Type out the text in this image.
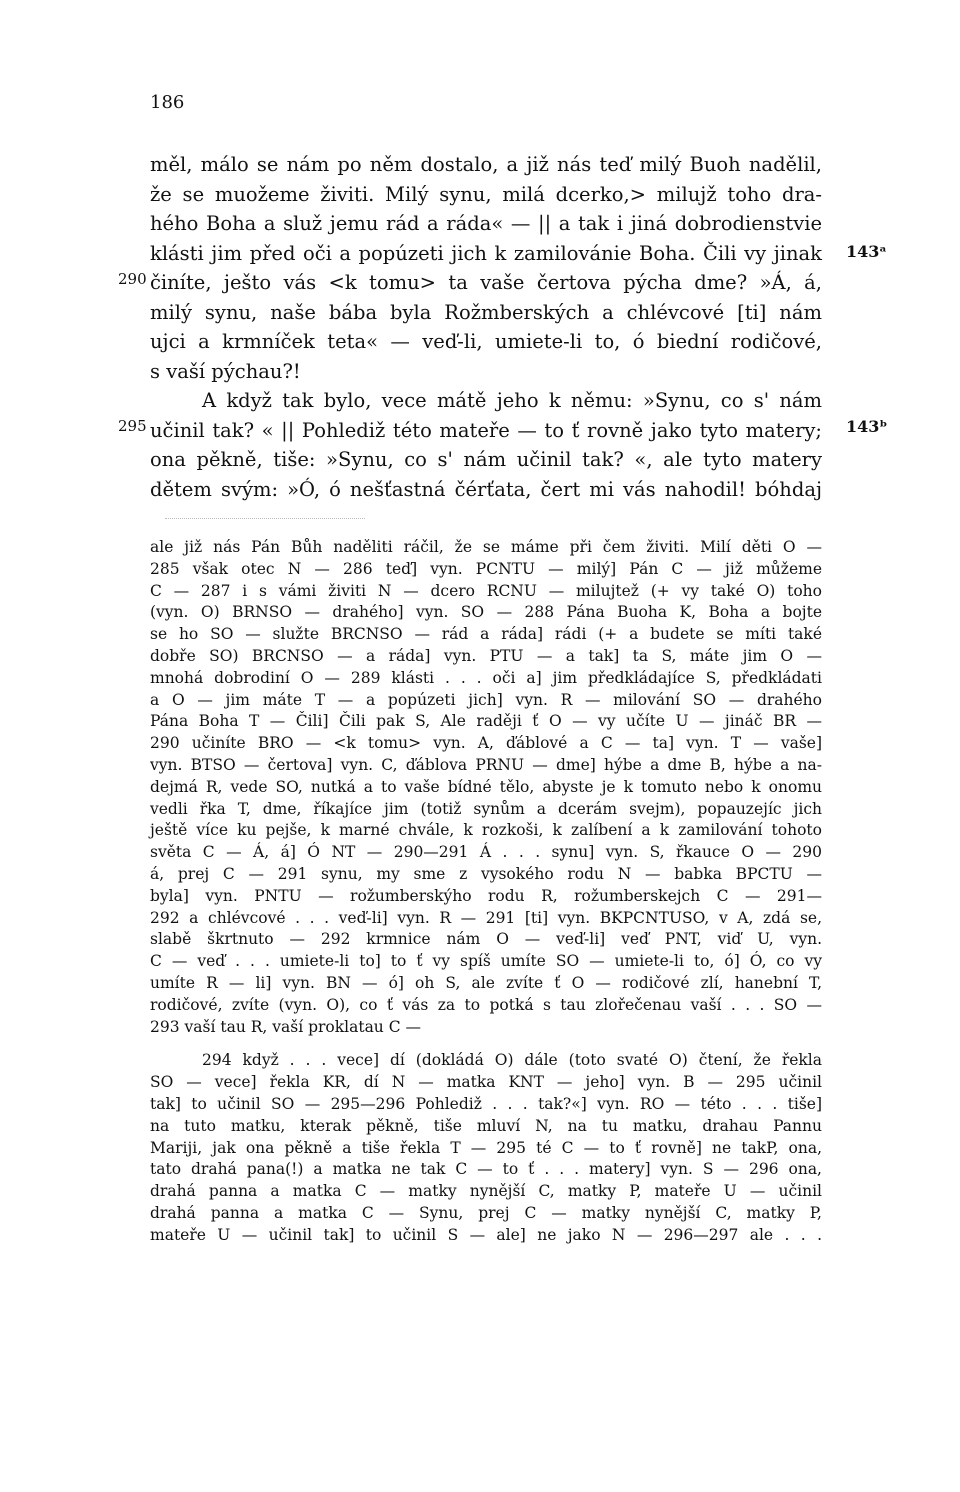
186
290
295
143ᵃ
143ᵇ
měl, málo se nám po něm dostalo, a již nás teď milý Buoh nadělil,
že se muožeme živiti. Milý synu, milá dcerko,> milujž toho dra-
hého Boha a služ jemu rád a ráda« — || a tak i jiná dobrodienstvie
klásti jim před oči a popúzeti jich k zamilovánie Boha. Čili vy jinak
činíte, ješto vás <k tomu> ta vaše čertova pýcha dme? »Á, á,
milý synu, naše bába byla Rožmberských a chlévcové [ti] nám
ujci a krmníček teta« — veď-li, umiete-li to, ó biední rodičové,
s vaší pýchau?!
A když tak bylo, vece mátě jeho k němu: »Synu, co s' nám
učinil tak? « || Pohlediž této mateře — to ť rovně jako tyto matery;
ona pěkně, tiše: »Synu, co s' nám učinil tak? «, ale tyto matery
dětem svým: »Ó, ó nešťastná čérťata, čert mi vás nahodil! bóhdaj
ale již nás Pán Bůh naděliti ráčil, že se máme při čem živiti. Milí děti O —
285 však otec N — 286 teď] vyn. PCNTU — milý] Pán C — již můžeme
C — 287 i s vámi živiti N — dcero RCNU — milujtež (+ vy také O) toho
(vyn. O) BRNSO — drahého] vyn. SO — 288 Pána Buoha K, Boha a bojte
se ho SO — služte BRCNSO — rád a ráda] rádi (+ a budete se míti také
dobře SO) BRCNSO — a ráda] vyn. PTU — a tak] ta S, máte jim O —
mnohá dobrodiní O — 289 klásti . . . oči a] jim předkládajíce S, předkládati
a O — jim máte T — a popúzeti jich] vyn. R — milování SO — drahého
Pána Boha T — Čili] Čili pak S, Ale raději ť O — vy učíte U — jináč BR —
290 učiníte BRO — <k tomu> vyn. A, ďáblové a C — ta] vyn. T — vaše]
vyn. BTSO — čertova] vyn. C, ďáblova PRNU — dme] hýbe a dme B, hýbe a na-
dejmá R, vede SO, nutká a to vaše bídné tělo, abyste je k tomuto nebo k onomu
vedli řka T, dme, říkajíce jim (totiž synům a dcerám svejm), popauzejíc jich
ještě více ku pejše, k marné chvále, k rozkoši, k zalíbení a k zamilování tohoto
světa C — Á, á] Ó NT — 290—291 Á . . . synu] vyn. S, řkauce O — 290
á, prej C — 291 synu, my sme z vysokého rodu N — babka BPCTU —
byla] vyn. PNTU — rožumberskýho rodu R, rožumberskejch C — 291—
292 a chlévcové . . . veď-li] vyn. R — 291 [ti] vyn. BKPCNTUSO, v A, zdá se,
slabě škrtnuto — 292 krmnice nám O — veď-li] veď PNT, viď U, vyn.
C — veď . . . umiete-li to] to ť vy spíš umíte SO — umiete-li to, ó] Ó, co vy
umíte R — li] vyn. BN — ó] oh S, ale zvíte ť O — rodičové zlí, hanební T,
rodičové, zvíte (vyn. O), co ť vás za to potká s tau zlořečenau vaší . . . SO —
293 vaší tau R, vaší proklatau C —
294 když . . . vece] dí (dokládá O) dále (toto svaté O) čtení, že řekla
SO — vece] řekla KR, dí N — matka KNT — jeho] vyn. B — 295 učinil
tak] to učinil SO — 295—296 Pohlediž . . . tak?«] vyn. RO — této . . . tiše]
na tuto matku, kterak pěkně, tiše mluví N, na tu matku, drahau Pannu
Mariji, jak ona pěkně a tiše řekla T — 295 té C — to ť rovně] ne takP, ona,
tato drahá pana(!) a matka ne tak C — to ť . . . matery] vyn. S — 296 ona,
drahá panna a matka C — matky nynější C, matky P, mateře U — učinil
drahá panna a matka C — Synu, prej C — matky nynější C, matky P,
mateře U — učinil tak] to učinil S — ale] ne jako N — 296—297 ale . . .
